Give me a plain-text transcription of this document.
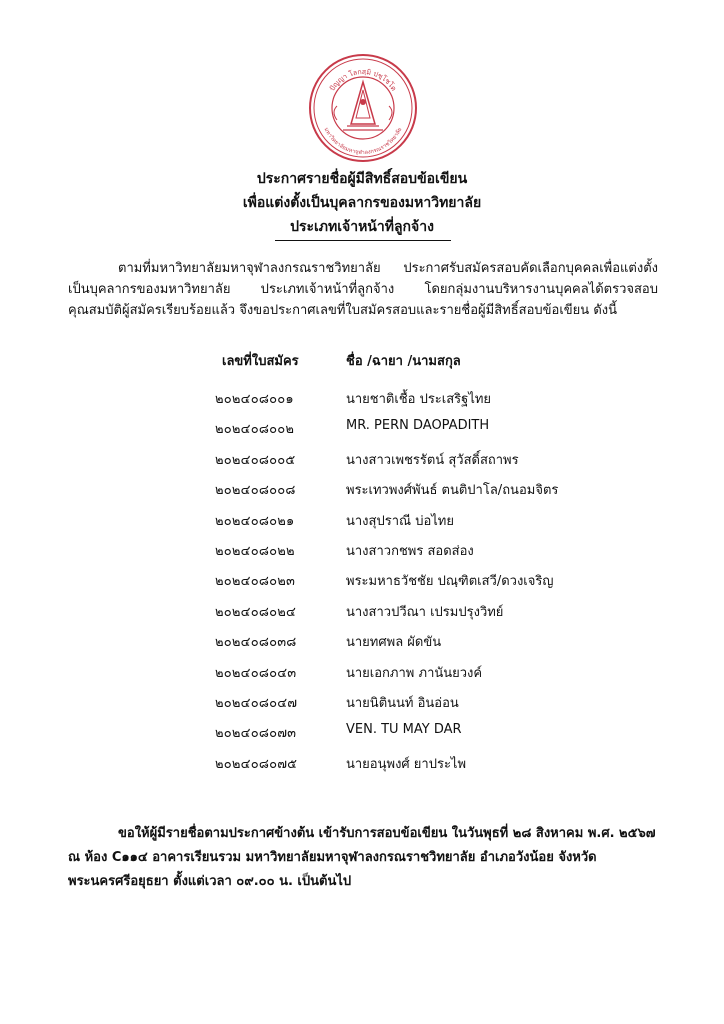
ปัญญา โลกสฺมิ ปชฺโชโต
มหาวิทยาลัยมหาจุฬาลงกรณราชวิทยาลัย
ประกาศรายชื่อผู้มีสิทธิ์สอบข้อเขียน
เพื่อแต่งตั้งเป็นบุคลากรของมหาวิทยาลัย
ประเภทเจ้าหน้าที่ลูกจ้าง
ตามที่มหาวิทยาลัยมหาจุฬาลงกรณราชวิทยาลัย ประกาศรับสมัครสอบคัดเลือกบุคคลเพื่อแต่งตั้งเป็นบุคลากรของมหาวิทยาลัย ประเภทเจ้าหน้าที่ลูกจ้าง โดยกลุ่มงานบริหารงานบุคคลได้ตรวจสอบคุณสมบัติผู้สมัครเรียบร้อยแล้ว จึงขอประกาศเลขที่ใบสมัครสอบและรายชื่อผู้มีสิทธิ์สอบข้อเขียน ดังนี้
เลขที่ใบสมัคร	ชื่อ /ฉายา /นามสกุล
๒๐๒๔๐๘๐๐๑	นายชาติเชื้อ ประเสริฐไทย
๒๐๒๔๐๘๐๐๒	MR. PERN DAOPADITH
๒๐๒๔๐๘๐๐๕	นางสาวเพชรรัตน์ สุวัสดิ์สถาพร
๒๐๒๔๐๘๐๐๘	พระเทวพงศ์พันธ์ ตนติปาโล/ถนอมจิตร
๒๐๒๔๐๘๐๒๑	นางสุปราณี บ่อไทย
๒๐๒๔๐๘๐๒๒	นางสาวกชพร สอดส่อง
๒๐๒๔๐๘๐๒๓	พระมหาธวัชชัย ปณฺฑิตเสวี/ดวงเจริญ
๒๐๒๔๐๘๐๒๔	นางสาวปวีณา เปรมปรุงวิทย์
๒๐๒๔๐๘๐๓๘	นายทศพล ผัดขัน
๒๐๒๔๐๘๐๔๓	นายเอกภาพ ภานันยวงค์
๒๐๒๔๐๘๐๔๗	นายนิตินนท์ อินอ่อน
๒๐๒๔๐๘๐๗๓	VEN. TU MAY DAR
๒๐๒๔๐๘๐๗๕	นายอนุพงศ์ ยาประไพ
ขอให้ผู้มีรายชื่อตามประกาศข้างต้น เข้ารับการสอบข้อเขียน ในวันพุธที่ ๒๘ สิงหาคม พ.ศ. ๒๕๖๗ ณ ห้อง C๑๑๔ อาคารเรียนรวม มหาวิทยาลัยมหาจุฬาลงกรณราชวิทยาลัย อำเภอวังน้อย จังหวัดพระนครศรีอยุธยา ตั้งแต่เวลา ๐๙.๐๐ น. เป็นต้นไป
